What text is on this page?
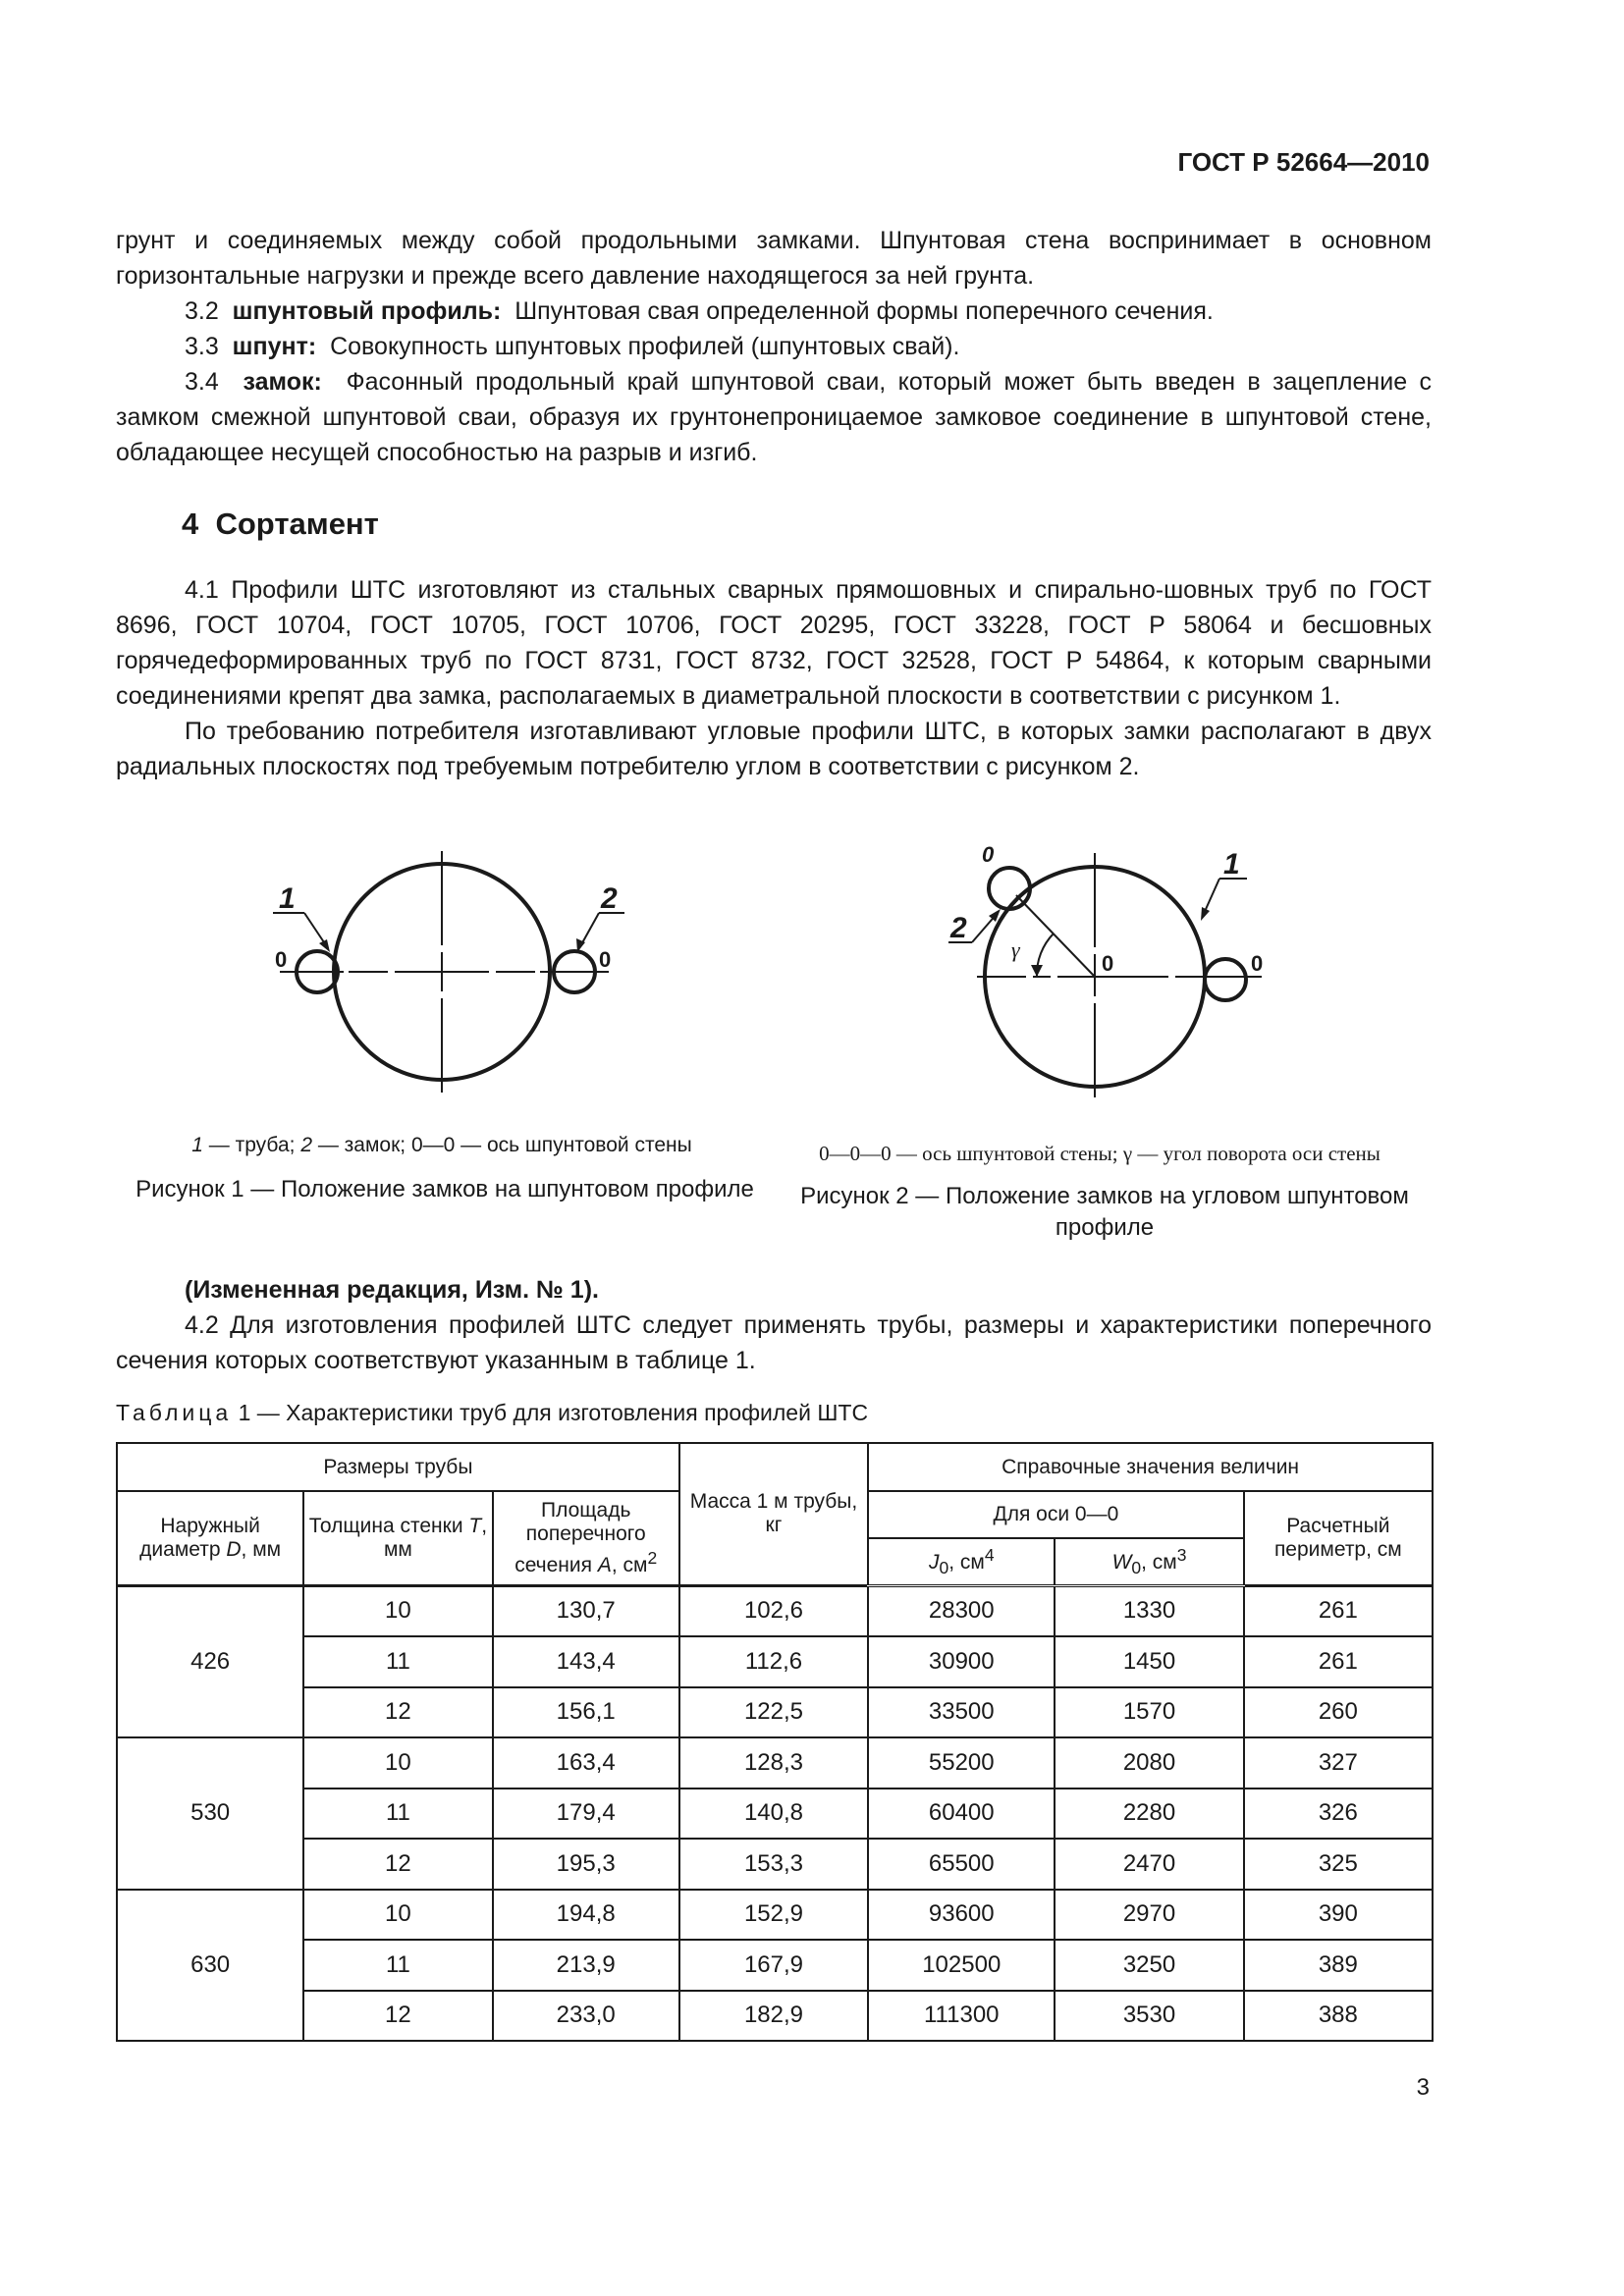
ГОСТ Р 52664—2010

грунт и соединяемых между собой продольными замками. Шпунтовая стена воспринимает в основном горизонтальные нагрузки и прежде всего давление находящегося за ней грунта.

3.2 шпунтовый профиль: Шпунтовая свая определенной формы поперечного сечения.

3.3 шпунт: Совокупность шпунтовых профилей (шпунтовых свай).

3.4 замок: Фасонный продольный край шпунтовой сваи, который может быть введен в зацепление с замком смежной шпунтовой сваи, образуя их грунтонепроницаемое замковое соединение в шпунтовой стене, обладающее несущей способностью на разрыв и изгиб.

4 Сортамент

4.1 Профили ШТС изготовляют из стальных сварных прямошовных и спирально-шовных труб по ГОСТ 8696, ГОСТ 10704, ГОСТ 10705, ГОСТ 10706, ГОСТ 20295, ГОСТ 33228, ГОСТ Р 58064 и бесшовных горячедеформированных труб по ГОСТ 8731, ГОСТ 8732, ГОСТ 32528, ГОСТ Р 54864, к которым сварными соединениями крепят два замка, располагаемых в диаметральной плоскости в соответствии с рисунком 1.

По требованию потребителя изготавливают угловые профили ШТС, в которых замки располагают в двух радиальных плоскостях под требуемым потребителю углом в соответствии с рисунком 2.

1	2
0	0
1 — труба; 2 — замок; 0—0 — ось шпунтовой стены
Рисунок 1 — Положение замков на шпунтовом профиле
0	1
2
0	0
γ
0—0—0 — ось шпунтовой стены; γ — угол поворота оси стены
Рисунок 2 — Положение замков на угловом шпунтовом профиле

(Измененная редакция, Изм. № 1).

4.2 Для изготовления профилей ШТС следует применять трубы, размеры и характеристики поперечного сечения которых соответствуют указанным в таблице 1.

Таблица 1 — Характеристики труб для изготовления профилей ШТС
Размеры трубы			Масса 1 м трубы, кг	Справочные значения величин		
Наружный диаметр D, мм	Толщина стенки T, мм	Площадь поперечного сечения A, $см^2$		Для оси 0—0		Расчетный периметр, см
				$J_0$, $см^4$	$W_0$, $см^3$
426	10	130,7	102,6	28300	1330	261
	11	143,4	112,6	30900	1450	261
	12	156,1	122,5	33500	1570	260
530	10	163,4	128,3	55200	2080	327
	11	179,4	140,8	60400	2280	326
	12	195,3	153,3	65500	2470	325
630	10	194,8	152,9	93600	2970	390
	11	213,9	167,9	102500	3250	389
	12	233,0	182,9	111300	3530	388
3
